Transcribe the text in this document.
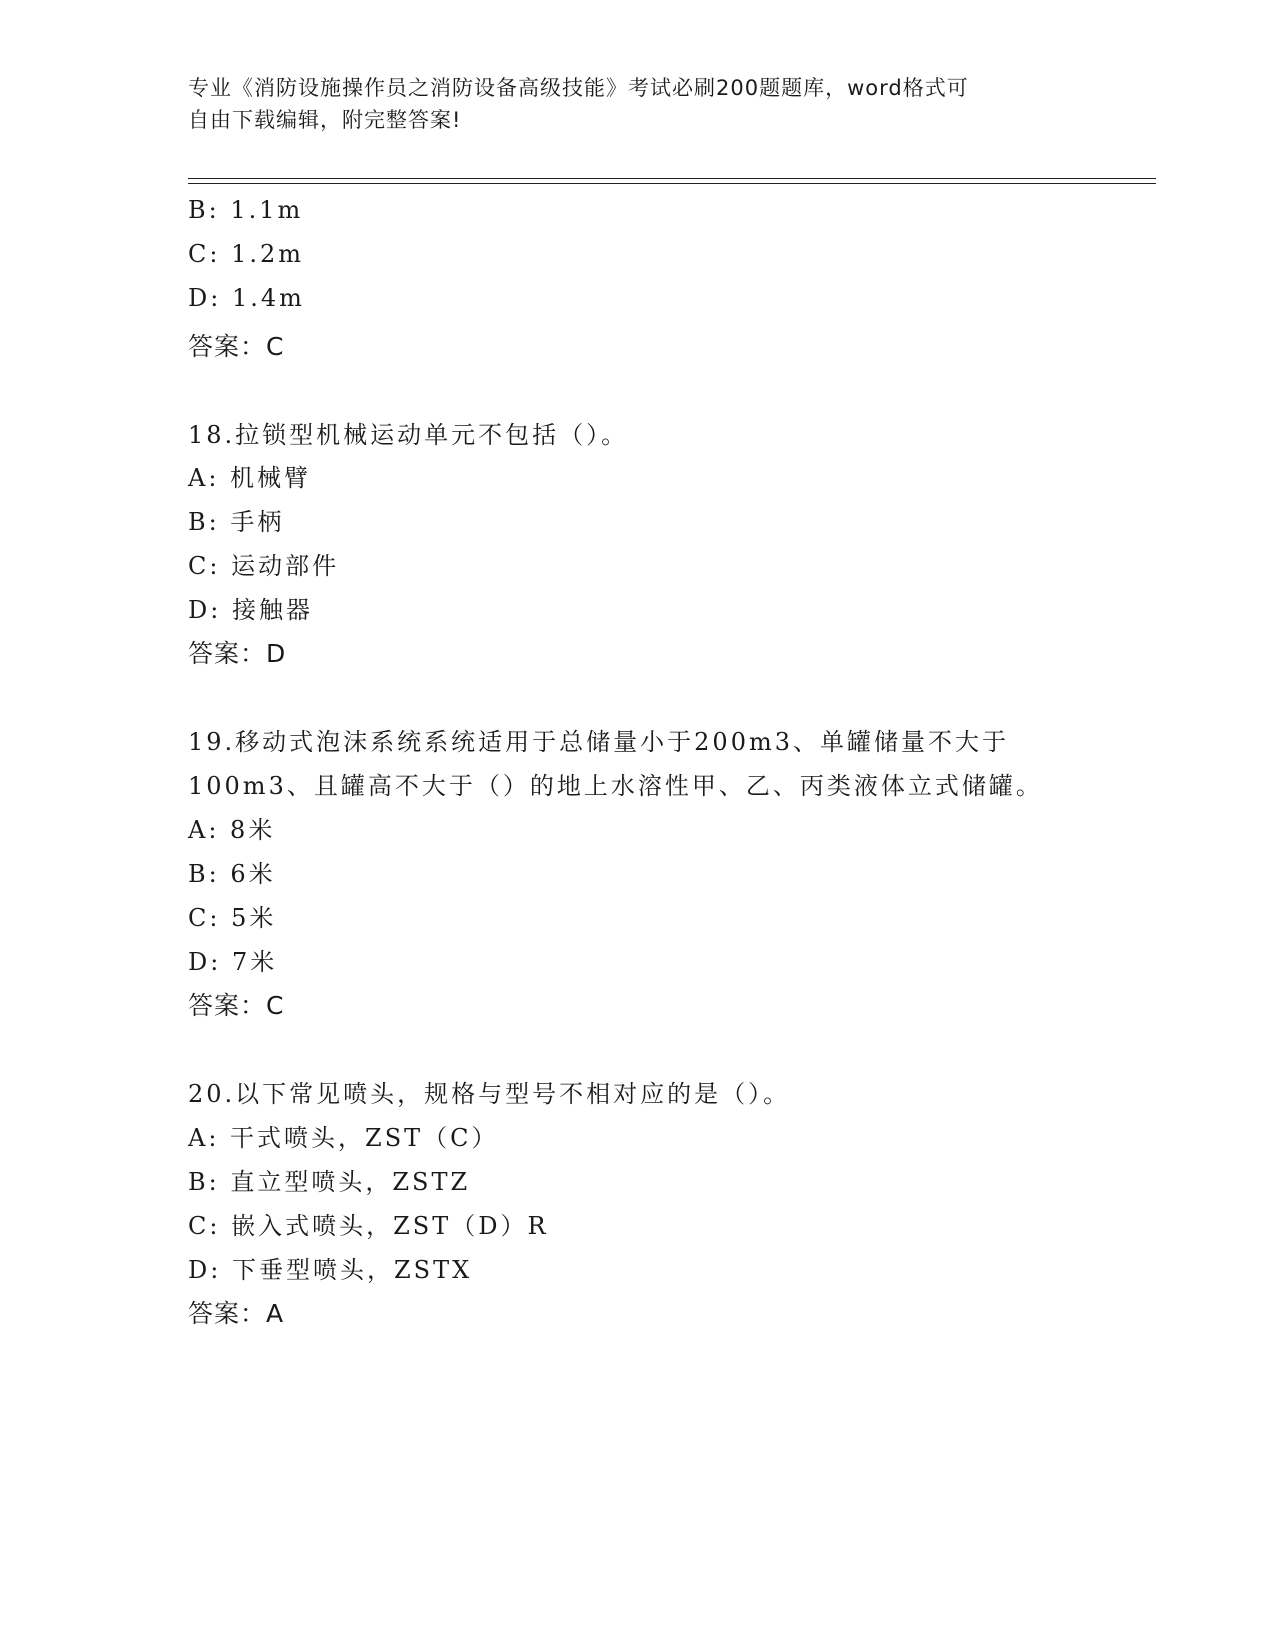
专业《消防设施操作员之消防设备高级技能》考试必刷200题题库，word格式可
自由下载编辑，附完整答案!
B: 1.1m
C: 1.2m
D: 1.4m
答案：C
18.拉锁型机械运动单元不包括（）。
A: 机械臂
B: 手柄
C: 运动部件
D: 接触器
答案：D
19.移动式泡沫系统系统适用于总储量小于200m3、单罐储量不大于
100m3、且罐高不大于（）的地上水溶性甲、乙、丙类液体立式储罐。
A: 8米
B: 6米
C: 5米
D: 7米
答案：C
20.以下常见喷头，规格与型号不相对应的是（）。
A: 干式喷头，ZST（C）
B: 直立型喷头，ZSTZ
C: 嵌入式喷头，ZST（D）R
D: 下垂型喷头，ZSTX
答案：A
